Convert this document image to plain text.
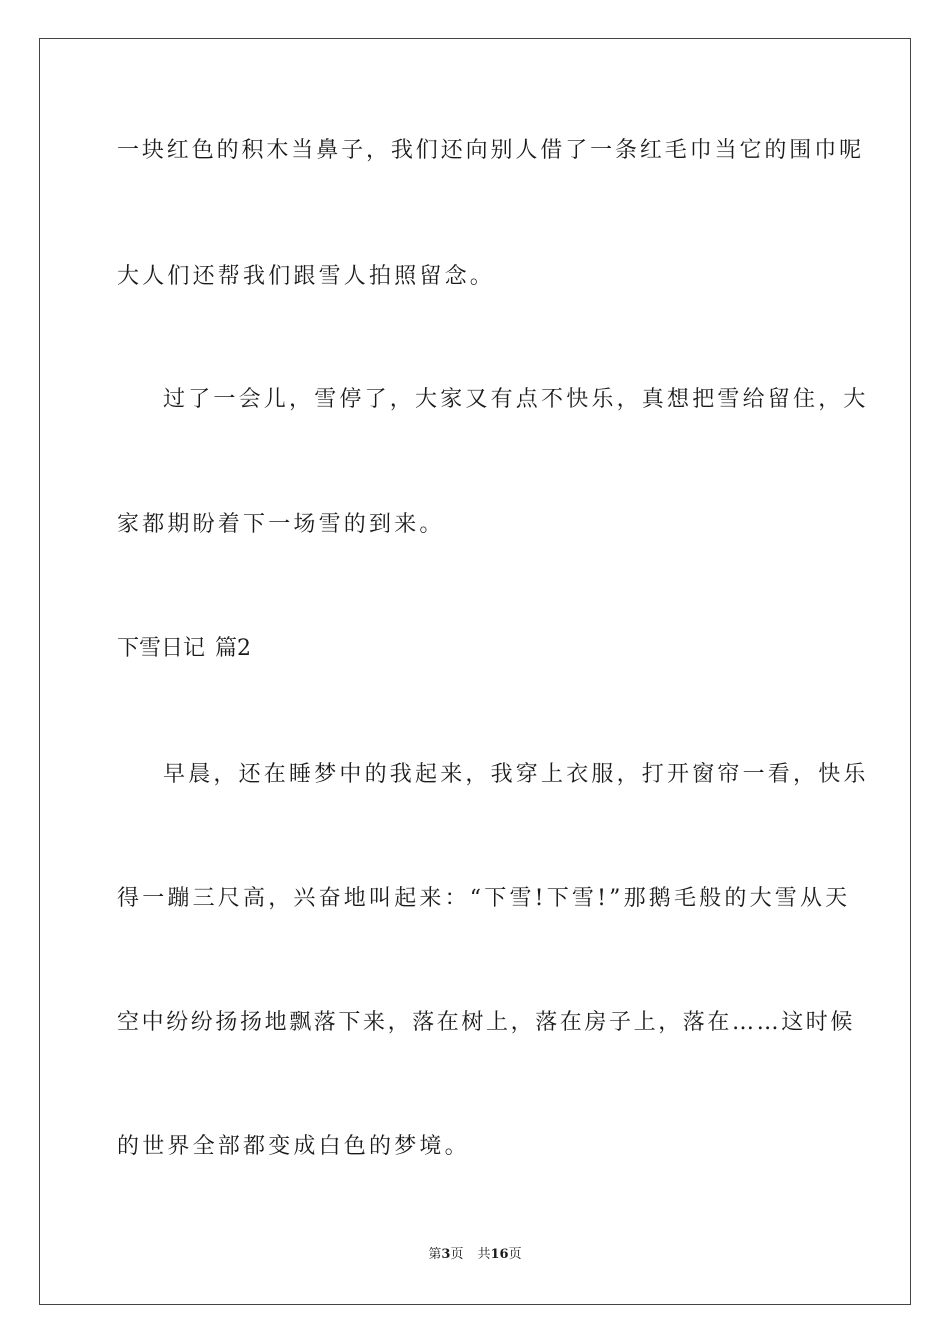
一块红色的积木当鼻子，我们还向别人借了一条红毛巾当它的围巾呢
大人们还帮我们跟雪人拍照留念。
过了一会儿，雪停了，大家又有点不快乐，真想把雪给留住，大
家都期盼着下一场雪的到来。
下雪日记 篇2
早晨，还在睡梦中的我起来，我穿上衣服，打开窗帘一看，快乐
得一蹦三尺高，兴奋地叫起来：“下雪!下雪!”那鹅毛般的大雪从天
空中纷纷扬扬地飘落下来，落在树上，落在房子上，落在……这时候
的世界全部都变成白色的梦境。
第3页 共16页
